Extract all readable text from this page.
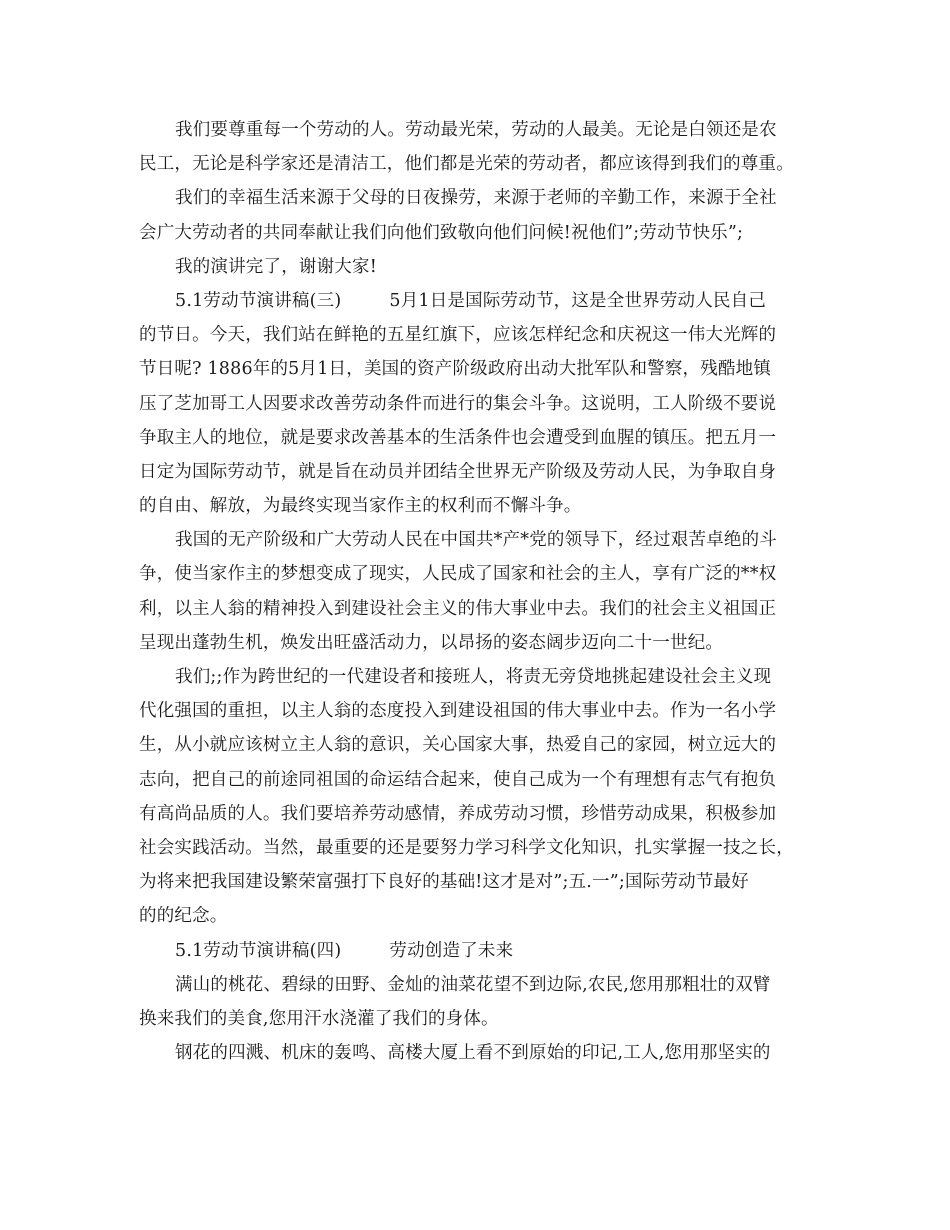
我们要尊重每一个劳动的人。劳动最光荣，劳动的人最美。无论是白领还是农
民工，无论是科学家还是清洁工，他们都是光荣的劳动者，都应该得到我们的尊重。
我们的幸福生活来源于父母的日夜操劳，来源于老师的辛勤工作，来源于全社
会广大劳动者的共同奉献让我们向他们致敬向他们问候!祝他们”;劳动节快乐”;
我的演讲完了，谢谢大家!
5.1劳动节演讲稿(三)	5月1日是国际劳动节，这是全世界劳动人民自己
的节日。今天，我们站在鲜艳的五星红旗下，应该怎样纪念和庆祝这一伟大光辉的
节日呢? 1886年的5月1日，美国的资产阶级政府出动大批军队和警察，残酷地镇
压了芝加哥工人因要求改善劳动条件而进行的集会斗争。这说明，工人阶级不要说
争取主人的地位，就是要求改善基本的生活条件也会遭受到血腥的镇压。把五月一
日定为国际劳动节，就是旨在动员并团结全世界无产阶级及劳动人民，为争取自身
的自由、解放，为最终实现当家作主的权利而不懈斗争。
我国的无产阶级和广大劳动人民在中国共*产*党的领导下，经过艰苦卓绝的斗
争，使当家作主的梦想变成了现实，人民成了国家和社会的主人，享有广泛的**权
利，以主人翁的精神投入到建设社会主义的伟大事业中去。我们的社会主义祖国正
呈现出蓬勃生机，焕发出旺盛活动力，以昂扬的姿态阔步迈向二十一世纪。
我们;;作为跨世纪的一代建设者和接班人，将责无旁贷地挑起建设社会主义现
代化强国的重担，以主人翁的态度投入到建设祖国的伟大事业中去。作为一名小学
生，从小就应该树立主人翁的意识，关心国家大事，热爱自己的家园，树立远大的
志向，把自己的前途同祖国的命运结合起来，使自己成为一个有理想有志气有抱负
有高尚品质的人。我们要培养劳动感情，养成劳动习惯，珍惜劳动成果，积极参加
社会实践活动。当然，最重要的还是要努力学习科学文化知识，扎实掌握一技之长，
为将来把我国建设繁荣富强打下良好的基础!这才是对”;五.一”;国际劳动节最好
的的纪念。
5.1劳动节演讲稿(四)	劳动创造了未来
满山的桃花、碧绿的田野、金灿的油菜花望不到边际,农民,您用那粗壮的双臂
换来我们的美食,您用汗水浇灌了我们的身体。
钢花的四溅、机床的轰鸣、高楼大厦上看不到原始的印记,工人,您用那坚实的
